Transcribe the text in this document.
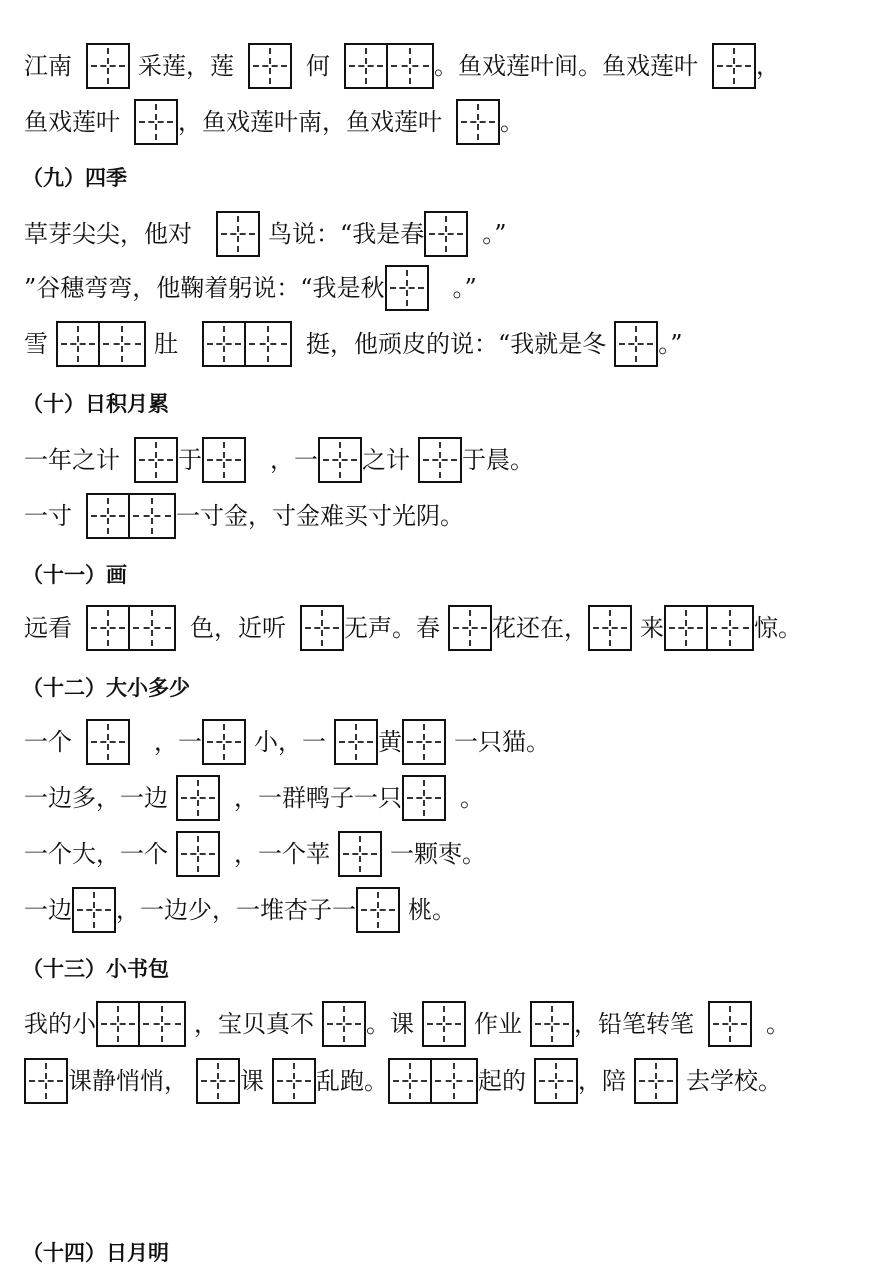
江南	采莲，莲	何	。鱼戏莲叶间。鱼戏莲叶 ，
鱼戏莲叶 ，鱼戏莲叶南，鱼戏莲叶 。
（九）四季
草芽尖尖，他对	鸟说：“我是春 。”
”谷穗弯弯，他鞠着躬说：“我是秋	。”
雪	肚	挺，他顽皮的说：“我就是冬 。”
（十）日积月累
一年之计 于	，一 之计 于晨。
一寸	一寸金，寸金难买寸光阴。
（十一）画
远看	色，近听 无声。春 花还在， 来	惊。
（十二）大小多少
一个	，一 小，一 黄 一只猫。
一边多，一边	，一群鸭子一只 。
一个大，一个	，一个苹	一颗枣。
一边 ，一边少，一堆杏子一 桃。
（十三）小书包
我的小	，宝贝真不 。课	作业 ，铅笔转笔	。
课静悄悄， 课 乱跑。	起的 ，陪	去学校。
（十四）日月明
